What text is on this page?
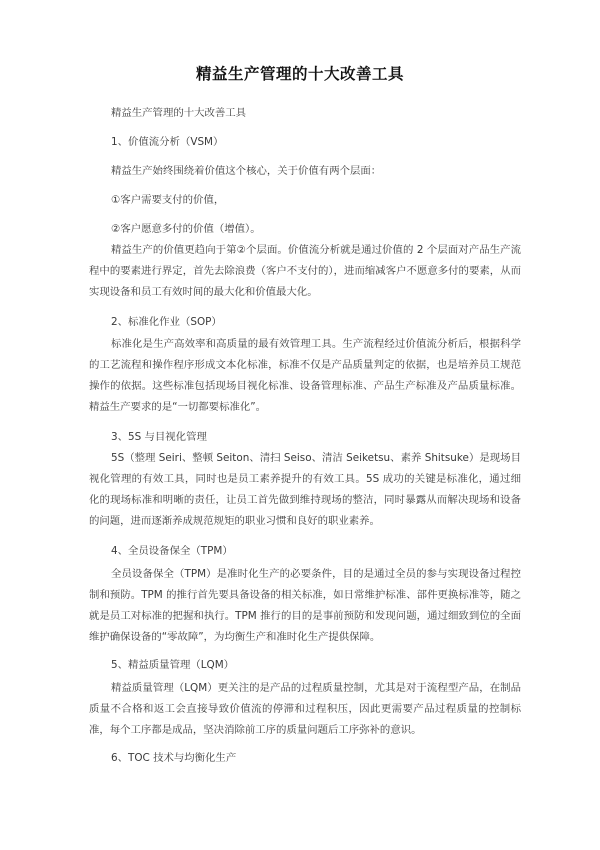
精益生产管理的十大改善工具
精益生产管理的十大改善工具
1、价值流分析（VSM）
精益生产始终围绕着价值这个核心，关于价值有两个层面：
①客户需要支付的价值，
②客户愿意多付的价值（增值）。
精益生产的价值更趋向于第②个层面。价值流分析就是通过价值的 2 个层面对产品生产流程中的要素进行界定，首先去除浪费（客户不支付的），进而缩减客户不愿意多付的要素，从而实现设备和员工有效时间的最大化和价值最大化。
2、标准化作业（SOP）
标准化是生产高效率和高质量的最有效管理工具。生产流程经过价值流分析后，根据科学的工艺流程和操作程序形成文本化标准，标准不仅是产品质量判定的依据，也是培养员工规范操作的依据。这些标准包括现场目视化标准、设备管理标准、产品生产标准及产品质量标准。精益生产要求的是“一切都要标准化”。
3、5S 与目视化管理
5S（整理 Seiri、整顿 Seiton、清扫 Seiso、清洁 Seiketsu、素养 Shitsuke）是现场目视化管理的有效工具，同时也是员工素养提升的有效工具。5S 成功的关键是标准化，通过细化的现场标准和明晰的责任，让员工首先做到维持现场的整洁，同时暴露从而解决现场和设备的问题，进而逐渐养成规范规矩的职业习惯和良好的职业素养。
4、全员设备保全（TPM）
全员设备保全（TPM）是准时化生产的必要条件，目的是通过全员的参与实现设备过程控制和预防。TPM 的推行首先要具备设备的相关标准，如日常维护标准、部件更换标准等，随之就是员工对标准的把握和执行。TPM 推行的目的是事前预防和发现问题，通过细致到位的全面维护确保设备的“零故障”，为均衡生产和准时化生产提供保障。
5、精益质量管理（LQM）
精益质量管理（LQM）更关注的是产品的过程质量控制，尤其是对于流程型产品，在制品质量不合格和返工会直接导致价值流的停滞和过程积压，因此更需要产品过程质量的控制标准，每个工序都是成品，坚决消除前工序的质量问题后工序弥补的意识。
6、TOC 技术与均衡化生产
